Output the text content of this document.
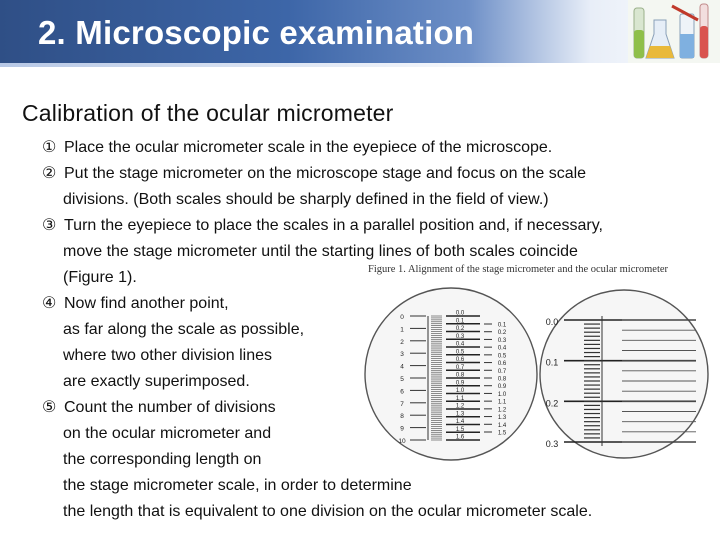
2. Microscopic examination
Calibration of the ocular micrometer
① Place the ocular micrometer scale in the eyepiece of the microscope.
② Put the stage micrometer on the microscope stage and focus on the scale
divisions. (Both scales should be sharply defined in the field of view.)
③ Turn the eyepiece to place the scales in a parallel position and, if necessary,
move the stage micrometer until the starting lines of both scales coincide
(Figure 1).
④ Now find another point,
as far along the scale as possible,
where two other division lines
are exactly superimposed.
⑤ Count the number of divisions
on the ocular micrometer and
the corresponding length on
the stage micrometer scale, in order to determine
the length that is equivalent to one division on the ocular micrometer scale.
Figure 1. Alignment of the stage micrometer and the ocular micrometer
0
1
2
3
4
5
6
7
8
9
10
0.0
0.1
0.2
0.3
0.4
0.5
0.6
0.7
0.8
0.9
1.0
1.1
1.2
1.3
1.4
1.5
1.6
0.1
0.2
0.3
0.4
0.5
0.6
0.7
0.8
0.9
1.0
1.1
1.2
1.3
1.4
1.5
0.0
0.1
0.2
0.3
